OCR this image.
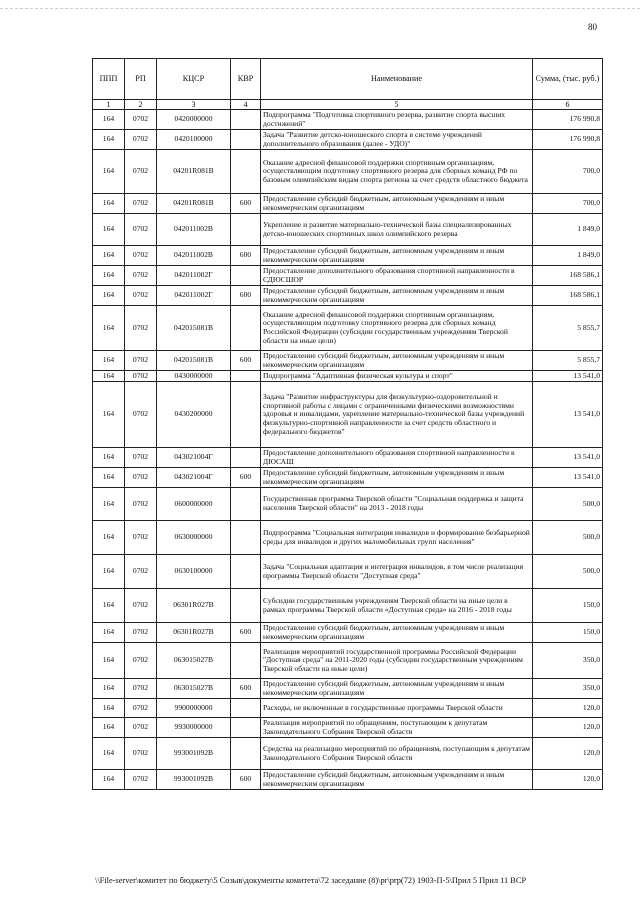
80
ППП	РП	КЦСР	КВР	Наименование	Сумма, (тыс. руб.)
1	2	3	4	5	6
164	0702	0420000000		Подпрограмма "Подготовка спортивного резерва, развитие спорта высших достижений"	176 990,8
164	0702	0420100000		Задача "Развитие детско-юношеского спорта в системе учреждений дополнительного образования (далее - УДО)"	176 990,8
164	0702	04201R081В		Оказание адресной финансовой поддержки спортивным организациям, осуществляющим подготовку спортивного резерва для сборных команд РФ по базовым олимпийским видам спорта региона за счет средств областного бюджета	700,0
164	0702	04201R081В	600	Предоставление субсидий бюджетным, автономным учреждениям и иным некоммерческим организациям	700,0
164	0702	042011002В		Укрепление и развитие материально-технической базы специализированных детско-юношеских спортивных школ олимпийского резерва	1 849,0
164	0702	042011002В	600	Предоставление субсидий бюджетным, автономным учреждениям и иным некоммерческим организациям	1 849,0
164	0702	042011002Г		Предоставление дополнительного образования спортивной направленности в СДЮСШОР	168 586,1
164	0702	042011002Г	600	Предоставление субсидий бюджетным, автономным учреждениям и иным некоммерческим организациям	168 586,1
164	0702	042015081В		Оказание адресной финансовой поддержки спортивным организациям, осуществляющим подготовку спортивного резерва для сборных команд Российской Федерации (субсидии государственным учреждениям Тверской области на иные цели)	5 855,7
164	0702	042015081В	600	Предоставление субсидий бюджетным, автономным учреждениям и иным некоммерческим организациям	5 855,7
164	0702	0430000000		Подпрограмма "Адаптивная физическая культура и спорт"	13 541,0
164	0702	0430200000		Задача "Развитие инфраструктуры для физкультурно-оздоровительной и спортивной работы с лицами с ограниченными физическими возможностями здоровья и инвалидами, укрепление материально-технической базы учреждений физкультурно-спортивной направленности за счет средств областного и федерального бюджетов"	13 541,0
164	0702	043021004Г		Предоставление дополнительного образования спортивной направленности в ДЮСАШ	13 541,0
164	0702	043021004Г	600	Предоставление субсидий бюджетным, автономным учреждениям и иным некоммерческим организациям	13 541,0
164	0702	0600000000		Государственная программа Тверской области "Социальная поддержка и защита населения Тверской области" на 2013 - 2018 годы	500,0
164	0702	0630000000		Подпрограмма "Социальная интеграция инвалидов и формирование безбарьерной среды для инвалидов и других маломобильных групп населения"	500,0
164	0702	0630100000		Задача "Социальная адаптация и интеграция инвалидов, в том числе реализация программы Тверской области "Доступная среда"	500,0
164	0702	06301R027В		Субсидии государственным учреждениям Тверской области на иные цели в рамках программы Тверской области «Доступная среда» на 2016 - 2018 годы	150,0
164	0702	06301R027В	600	Предоставление субсидий бюджетным, автономным учреждениям и иным некоммерческим организациям	150,0
164	0702	063015027В		Реализация мероприятий государственной программы Российской Федерации "Доступная среда" на 2011-2020 годы (субсидии государственным учреждениям Тверской области на иные цели)	350,0
164	0702	063015027В	600	Предоставление субсидий бюджетным, автономным учреждениям и иным некоммерческим организациям	350,0
164	0702	9900000000		Расходы, не включенные в государственные программы Тверской области	120,0
164	0702	9930000000		Реализация мероприятий по обращениям, поступающим к депутатам Законодательного Собрания Тверской области	120,0
164	0702	993001092В		Средства на реализацию мероприятий по обращениям, поступающим к депутатам Законодательного Собрания Тверской области	120,0
164	0702	993001092В	600	Предоставление субсидий бюджетным, автономным учреждениям и иным некоммерческим организациям	120,0
\\File-server\комитет по бюджету\5 Созыв\документы комитета\72 заседание (8)\pr\prp(72) 1903-П-5\Прил 5 Прил 11 ВСР
